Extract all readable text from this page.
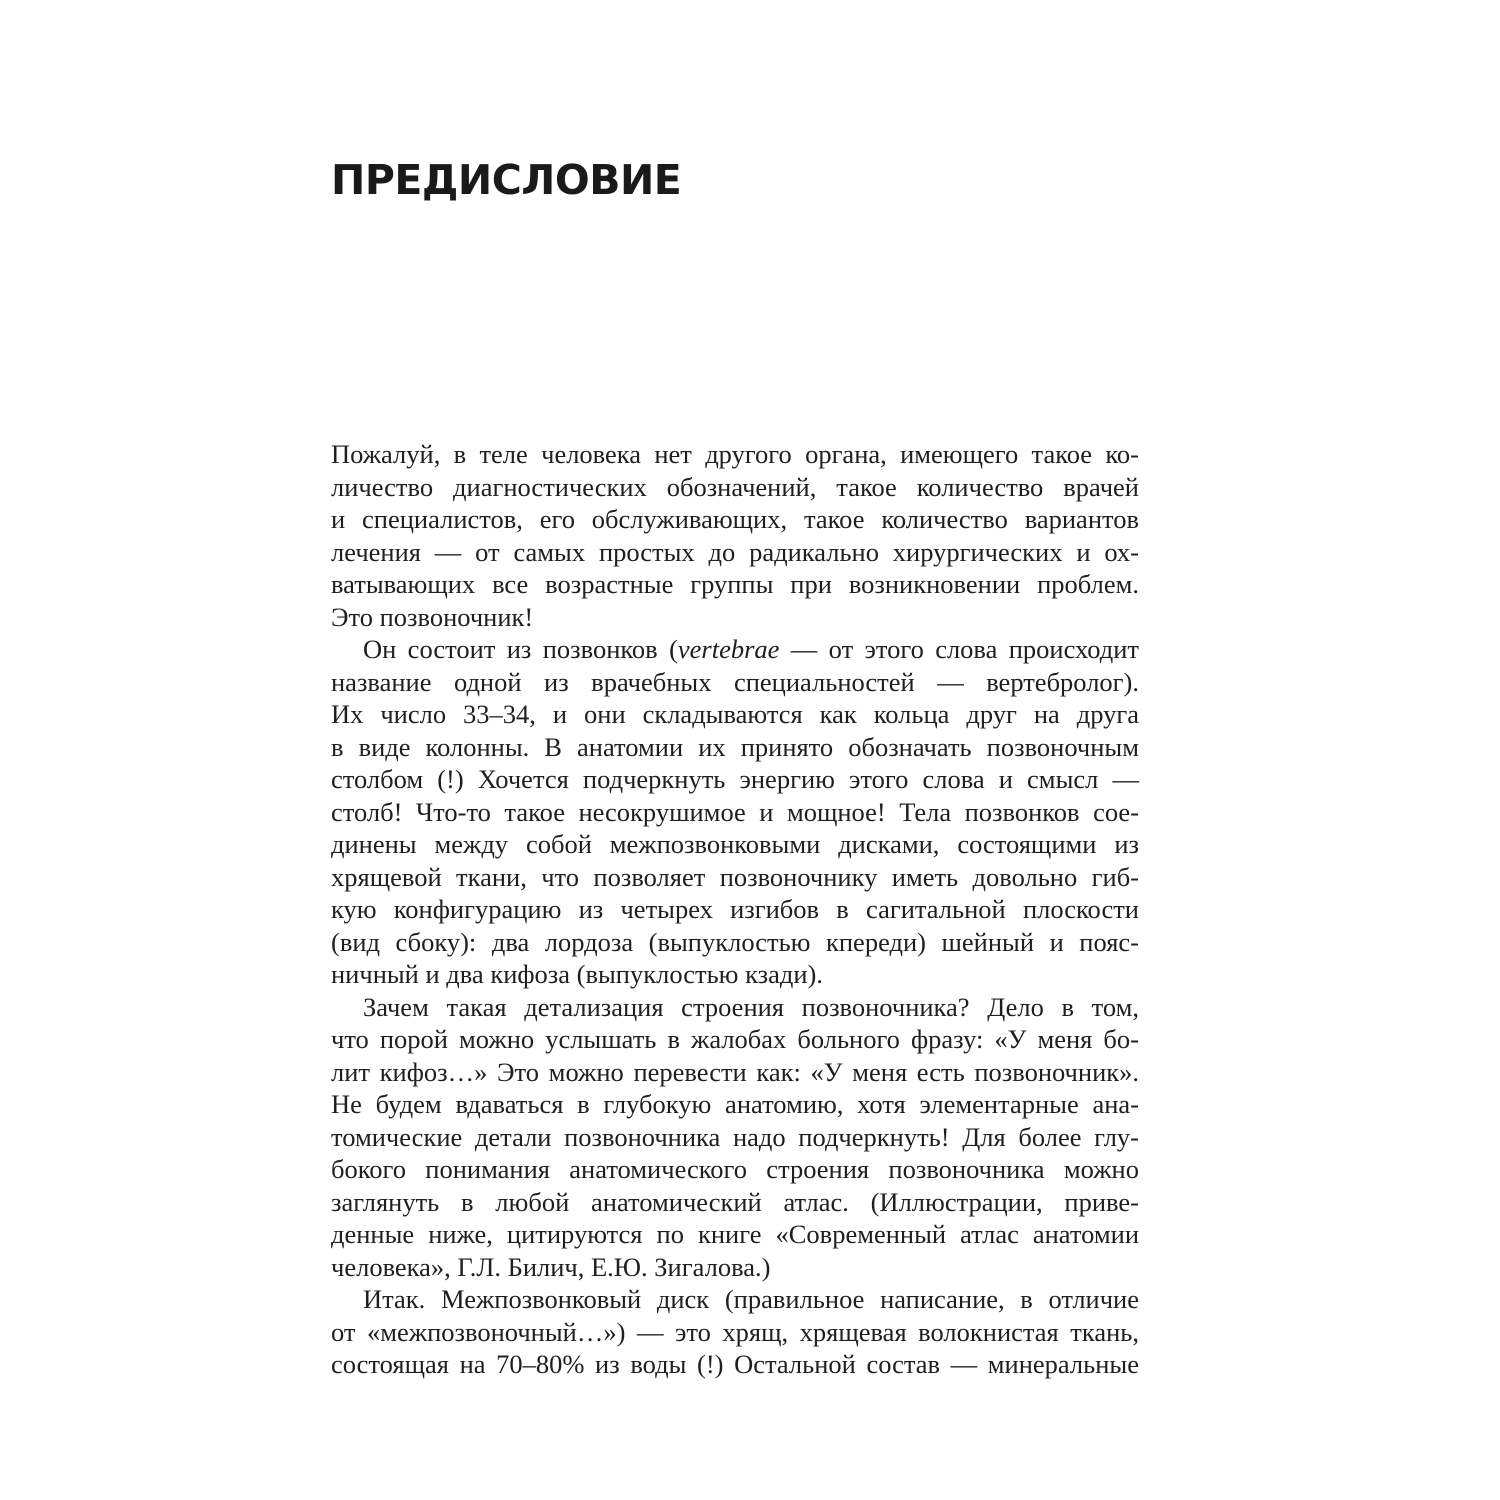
ПРЕДИСЛОВИЕ
Пожалуй, в теле человека нет другого органа, имеющего такое ко-
личество диагностических обозначений, такое количество врачей
и специалистов, его обслуживающих, такое количество вариантов
лечения — от самых простых до радикально хирургических и ох-
ватывающих все возрастные группы при возникновении проблем.
Это позвоночник!
Он состоит из позвонков (vertebrae — от этого слова происходит
название одной из врачебных специальностей — вертебролог).
Их число 33–34, и они складываются как кольца друг на друга
в виде колонны. В анатомии их принято обозначать позвоночным
столбом (!) Хочется подчеркнуть энергию этого слова и смысл —
столб! Что-то такое несокрушимое и мощное! Тела позвонков сое-
динены между собой межпозвонковыми дисками, состоящими из
хрящевой ткани, что позволяет позвоночнику иметь довольно гиб-
кую конфигурацию из четырех изгибов в сагитальной плоскости
(вид сбоку): два лордоза (выпуклостью кпереди) шейный и пояс-
ничный и два кифоза (выпуклостью кзади).
Зачем такая детализация строения позвоночника? Дело в том,
что порой можно услышать в жалобах больного фразу: «У меня бо-
лит кифоз…» Это можно перевести как: «У меня есть позвоночник».
Не будем вдаваться в глубокую анатомию, хотя элементарные ана-
томические детали позвоночника надо подчеркнуть! Для более глу-
бокого понимания анатомического строения позвоночника можно
заглянуть в любой анатомический атлас. (Иллюстрации, приве-
денные ниже, цитируются по книге «Современный атлас анатомии
человека», Г.Л. Билич, Е.Ю. Зигалова.)
Итак. Межпозвонковый диск (правильное написание, в отличие
от «межпозвоночный…») — это хрящ, хрящевая волокнистая ткань,
состоящая на 70–80% из воды (!) Остальной состав — минеральные
